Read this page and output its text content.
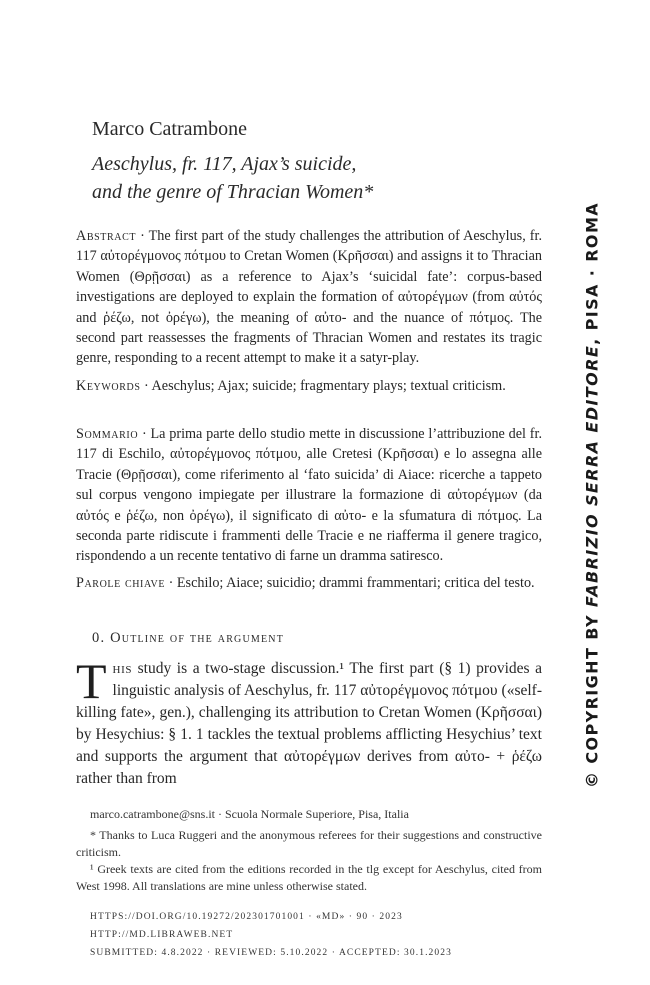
Marco Catrambone
Aeschylus, fr. 117, Ajax’s suicide,
and the genre of Thracian Women*
Abstract · The first part of the study challenges the attribution of Aeschylus, fr. 117 αὐτορέγμονος πότμου to Cretan Women (Κρῆσσαι) and assigns it to Thracian Women (Θρῇσσαι) as a reference to Ajax’s ‘suicidal fate’: corpus-based investigations are deployed to explain the formation of αὐτορέγμων (from αὐτός and ῥέζω, not ὀρέγω), the meaning of αὐτο- and the nuance of πότμος. The second part reassesses the fragments of Thracian Women and restates its tragic genre, responding to a recent attempt to make it a satyr-play.
Keywords · Aeschylus; Ajax; suicide; fragmentary plays; textual criticism.
Sommario · La prima parte dello studio mette in discussione l’attribuzione del fr. 117 di Eschilo, αὐτορέγμονος πότμου, alle Cretesi (Κρῆσσαι) e lo assegna alle Tracie (Θρῇσσαι), come riferimento al ‘fato suicida’ di Aiace: ricerche a tappeto sul corpus vengono impiegate per illustrare la formazione di αὐτορέγμων (da αὐτός e ῥέζω, non ὀρέγω), il significato di αὐτο- e la sfumatura di πότμος. La seconda parte ridiscute i frammenti delle Tracie e ne riafferma il genere tragico, rispondendo a un recente tentativo di farne un dramma satiresco.
Parole chiave · Eschilo; Aiace; suicidio; drammi frammentari; critica del testo.
0. Outline of the argument
This study is a two-stage discussion.¹ The first part (§ 1) provides a linguistic analysis of Aeschylus, fr. 117 αὐτορέγμονος πότμου («self-killing fate», gen.), challenging its attribution to Cretan Women (Κρῆσσαι) by Hesychius: § 1. 1 tackles the textual problems afflicting Hesychius’ text and supports the argument that αὐτορέγμων derives from αὐτο- + ῥέζω rather than from

marco.catrambone@sns.it · Scuola Normale Superiore, Pisa, Italia

* Thanks to Luca Ruggeri and the anonymous referees for their suggestions and constructive criticism.

¹ Greek texts are cited from the editions recorded in the tlg except for Aeschylus, cited from West 1998. All translations are mine unless otherwise stated.

HTTPS://DOI.ORG/10.19272/202301701001 · «MD» · 90 · 2023
HTTP://MD.LIBRAWEB.NET
SUBMITTED: 4.8.2022 · REVIEWED: 5.10.2022 · ACCEPTED: 30.1.2023
© COPYRIGHT BY FABRIZIO SERRA EDITORE, PISA · ROMA
